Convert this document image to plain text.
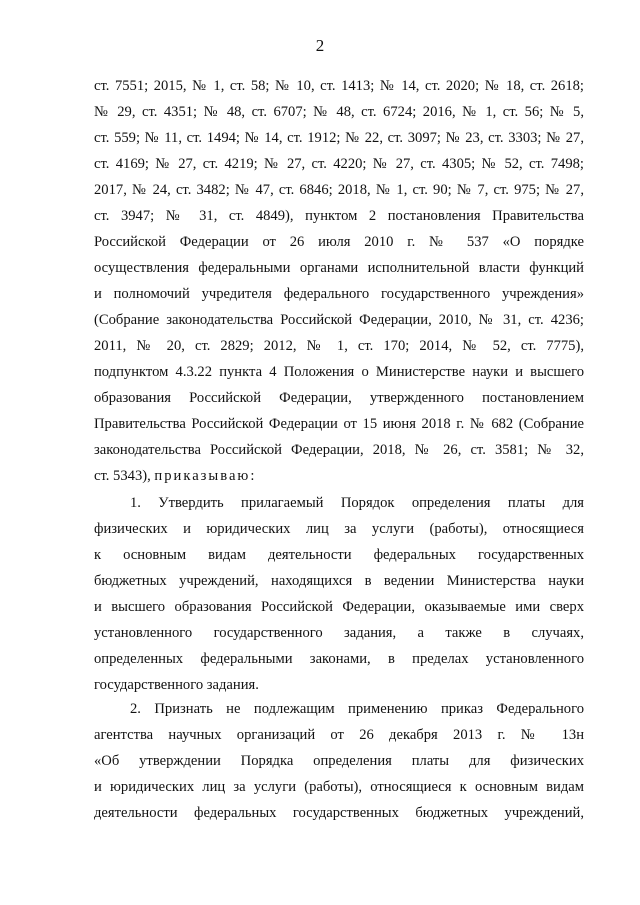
2
ст. 7551; 2015, № 1, ст. 58; № 10, ст. 1413; № 14, ст. 2020; № 18, ст. 2618;
№ 29, ст. 4351; № 48, ст. 6707; № 48, ст. 6724; 2016, № 1, ст. 56; № 5,
ст. 559; № 11, ст. 1494; № 14, ст. 1912; № 22, ст. 3097; № 23, ст. 3303; № 27,
ст. 4169; № 27, ст. 4219; № 27, ст. 4220; № 27, ст. 4305; № 52, ст. 7498;
2017, № 24, ст. 3482; № 47, ст. 6846; 2018, № 1, ст. 90; № 7, ст. 975; № 27,
ст. 3947; № 31, ст. 4849), пунктом 2 постановления Правительства
Российской Федерации от 26 июля 2010 г. № 537 «О порядке
осуществления федеральными органами исполнительной власти функций
и полномочий учредителя федерального государственного учреждения»
(Собрание законодательства Российской Федерации, 2010, № 31, ст. 4236;
2011, № 20, ст. 2829; 2012, № 1, ст. 170; 2014, № 52, ст. 7775),
подпунктом 4.3.22 пункта 4 Положения о Министерстве науки и высшего
образования Российской Федерации, утвержденного постановлением
Правительства Российской Федерации от 15 июня 2018 г. № 682 (Собрание
законодательства Российской Федерации, 2018, № 26, ст. 3581; № 32,
ст. 5343), приказываю:
1. Утвердить прилагаемый Порядок определения платы для
физических и юридических лиц за услуги (работы), относящиеся
к основным видам деятельности федеральных государственных
бюджетных учреждений, находящихся в ведении Министерства науки
и высшего образования Российской Федерации, оказываемые ими сверх
установленного государственного задания, а также в случаях,
определенных федеральными законами, в пределах установленного
государственного задания.
2. Признать не подлежащим применению приказ Федерального
агентства научных организаций от 26 декабря 2013 г. № 13н
«Об утверждении Порядка определения платы для физических
и юридических лиц за услуги (работы), относящиеся к основным видам
деятельности федеральных государственных бюджетных учреждений,
